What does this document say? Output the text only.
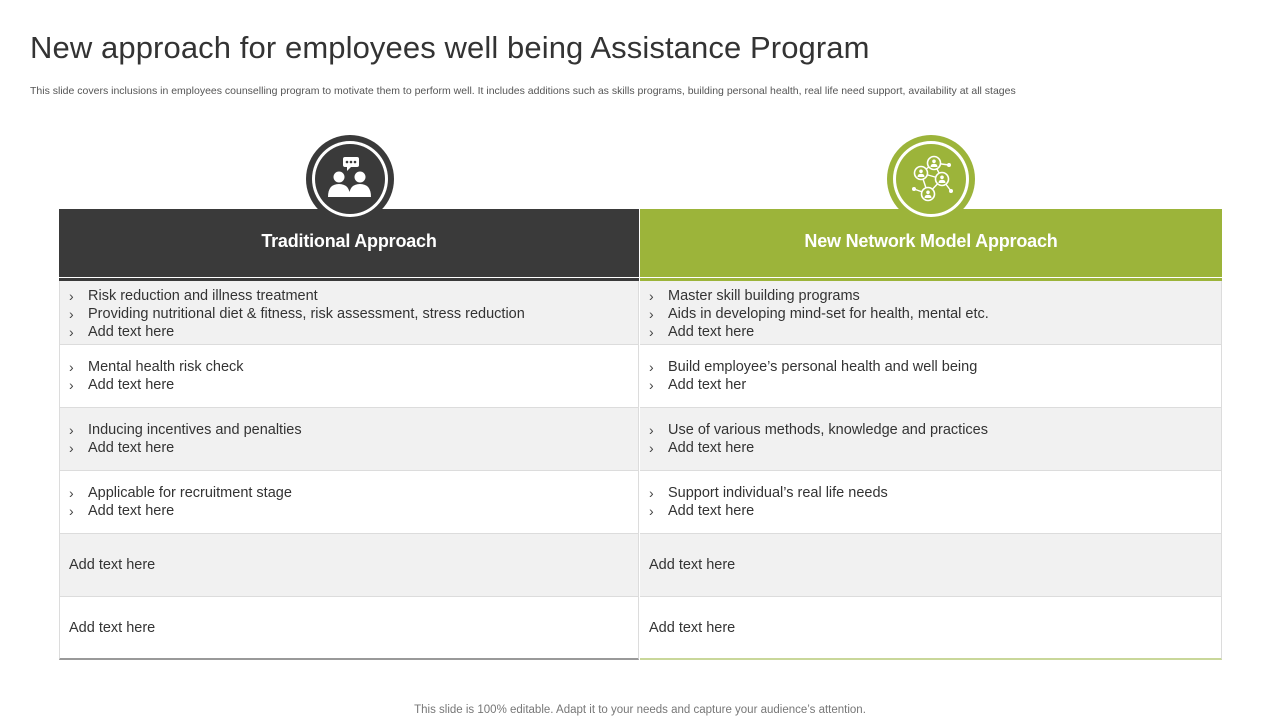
New approach for employees well being Assistance Program

This slide covers inclusions in employees counselling program to motivate them to perform well. It includes additions such as skills programs, building personal health, real life need support, availability at all stages

Traditional Approach
› Risk reduction and illness treatment
› Providing nutritional diet & fitness, risk assessment, stress reduction
› Add text here
› Mental health risk check
› Add text here
› Inducing incentives and penalties
› Add text here
› Applicable for recruitment stage
› Add text here
Add text here
Add text here
New Network Model Approach
› Master skill building programs
› Aids in developing mind-set for health, mental etc.
› Add text here
› Build employee’s personal health and well being
› Add text her
› Use of various methods, knowledge and practices
› Add text here
› Support individual’s real life needs
› Add text here
Add text here
Add text here

This slide is 100% editable. Adapt it to your needs and capture your audience’s attention.
